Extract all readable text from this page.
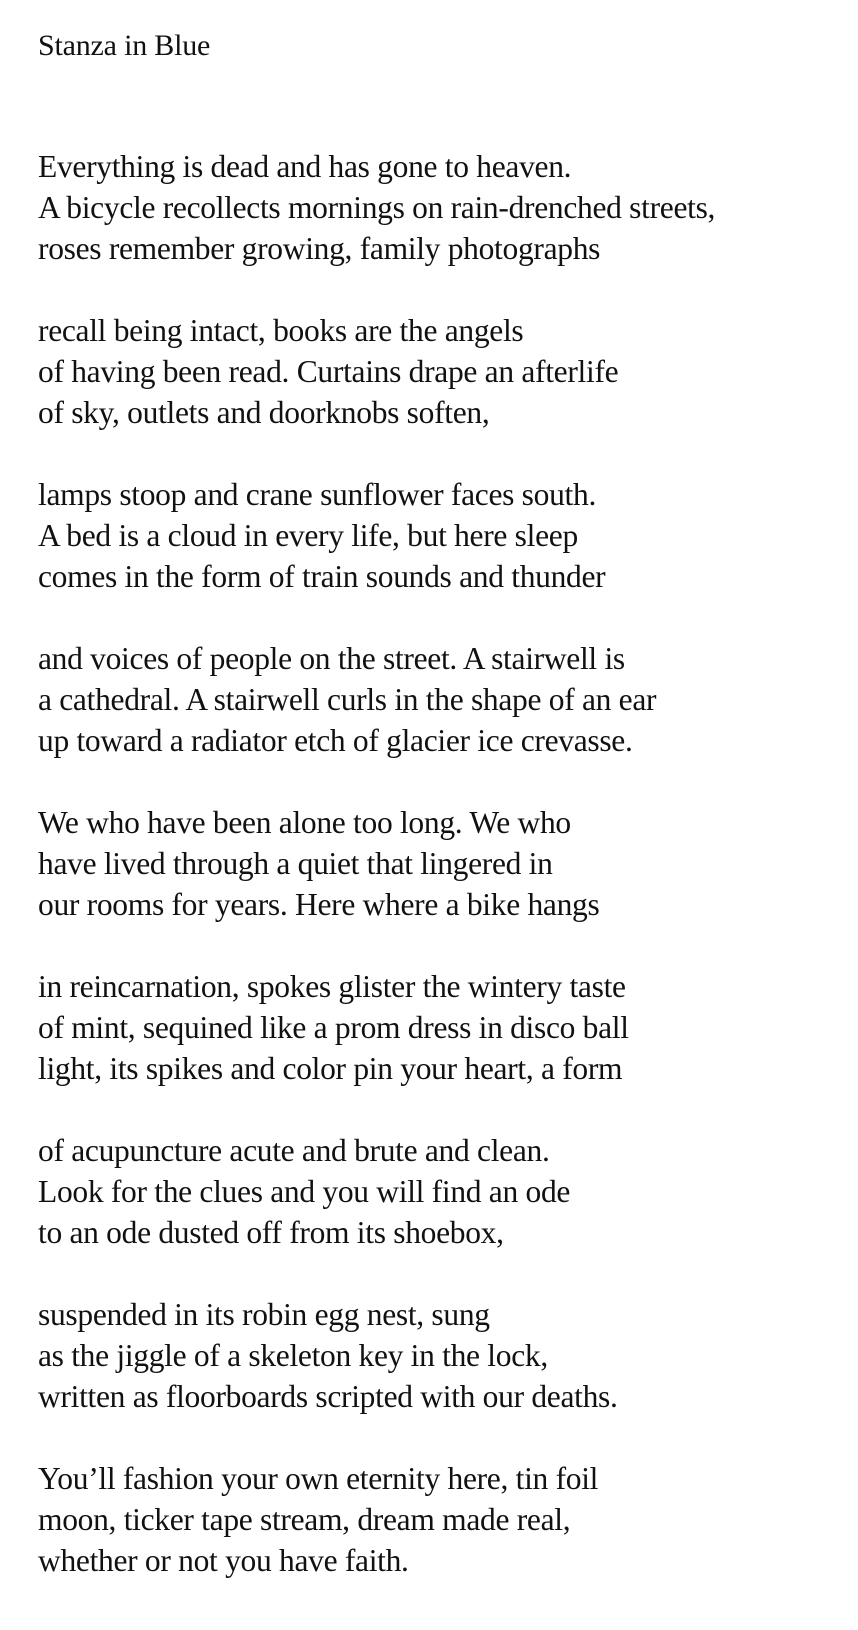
Stanza in Blue
Everything is dead and has gone to heaven.
A bicycle recollects mornings on rain-drenched streets,
roses remember growing, family photographs
recall being intact, books are the angels
of having been read. Curtains drape an afterlife
of sky, outlets and doorknobs soften,
lamps stoop and crane sunflower faces south.
A bed is a cloud in every life, but here sleep
comes in the form of train sounds and thunder
and voices of people on the street. A stairwell is
a cathedral. A stairwell curls in the shape of an ear
up toward a radiator etch of glacier ice crevasse.
We who have been alone too long. We who
have lived through a quiet that lingered in
our rooms for years. Here where a bike hangs
in reincarnation, spokes glister the wintery taste
of mint, sequined like a prom dress in disco ball
light, its spikes and color pin your heart, a form
of acupuncture acute and brute and clean.
Look for the clues and you will find an ode
to an ode dusted off from its shoebox,
suspended in its robin egg nest, sung
as the jiggle of a skeleton key in the lock,
written as floorboards scripted with our deaths.
You’ll fashion your own eternity here, tin foil
moon, ticker tape stream, dream made real,
whether or not you have faith.
